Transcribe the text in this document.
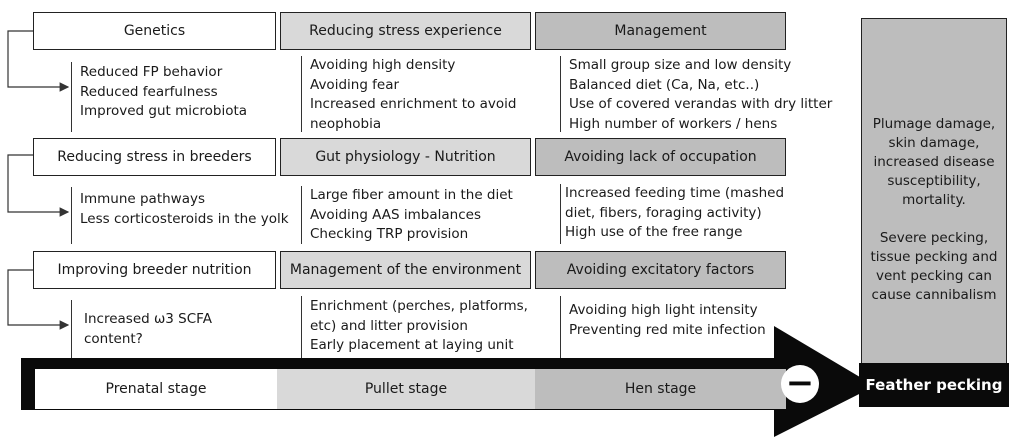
Genetics	Reducing stress experience	Management
Reduced FP behavior
Reduced fearfulness
Improved gut microbiota
Avoiding high density
Avoiding fear
Increased enrichment to avoid
neophobia
Small group size and low density
Balanced diet (Ca, Na, etc..)
Use of covered verandas with dry litter
High number of workers / hens
Reducing stress in breeders	Gut physiology - Nutrition	Avoiding lack of occupation
Immune pathways
Less corticosteroids in the yolk
Large fiber amount in the diet
Avoiding AAS imbalances
Checking TRP provision
Increased feeding time (mashed
diet, fibers, foraging activity)
High use of the free range
Improving breeder nutrition	Management of the environment	Avoiding excitatory factors
Increased ω3 SCFA
content?
Enrichment (perches, platforms,
etc) and litter provision
Early placement at laying unit
Avoiding high light intensity
Preventing red mite infection
Prenatal stage	Pullet stage	Hen stage	−
Plumage damage,
skin damage,
increased disease
susceptibility,
mortality.
Severe pecking,
tissue pecking and
vent pecking can
cause cannibalism
Feather pecking
